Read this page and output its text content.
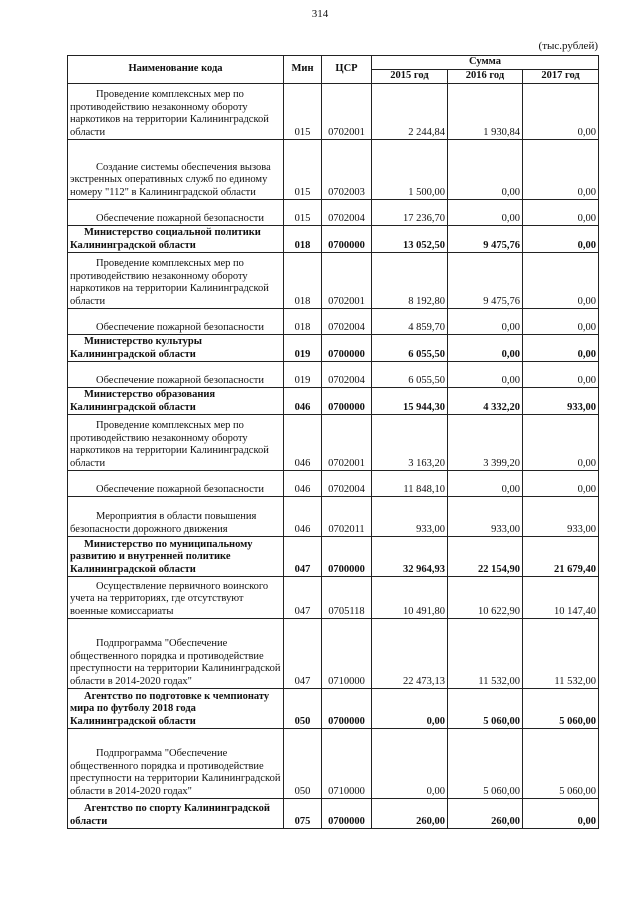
314
(тыс.рублей)
Наименование кода	Мин	ЦСР	Сумма		
			2015 год	2016 год	2017 год
Проведение комплексных мер по противодействию незаконному обороту наркотиков на территории Калининградской области	015	0702001	2 244,84	1 930,84	0,00
Создание системы обеспечения вызова экстренных оперативных служб по единому номеру "112" в Калининградской области	015	0702003	1 500,00	0,00	0,00
Обеспечение пожарной безопасности	015	0702004	17 236,70	0,00	0,00
Министерство социальной политики Калининградской области	018	0700000	13 052,50	9 475,76	0,00
Проведение комплексных мер по противодействию незаконному обороту наркотиков на территории Калининградской области	018	0702001	8 192,80	9 475,76	0,00
Обеспечение пожарной безопасности	018	0702004	4 859,70	0,00	0,00
Министерство культуры Калининградской области	019	0700000	6 055,50	0,00	0,00
Обеспечение пожарной безопасности	019	0702004	6 055,50	0,00	0,00
Министерство образования Калининградской области	046	0700000	15 944,30	4 332,20	933,00
Проведение комплексных мер по противодействию незаконному обороту наркотиков на территории Калининградской области	046	0702001	3 163,20	3 399,20	0,00
Обеспечение пожарной безопасности	046	0702004	11 848,10	0,00	0,00
Мероприятия в области повышения безопасности дорожного движения	046	0702011	933,00	933,00	933,00
Министерство по муниципальному развитию и внутренней политике Калининградской области	047	0700000	32 964,93	22 154,90	21 679,40
Осуществление первичного воинского учета на территориях, где отсутствуют военные комиссариаты	047	0705118	10 491,80	10 622,90	10 147,40
Подпрограмма "Обеспечение общественного порядка и противодействие преступности на территории Калининградской области в 2014-2020 годах"	047	0710000	22 473,13	11 532,00	11 532,00
Агентство по подготовке к чемпионату мира по футболу 2018 года Калининградской области	050	0700000	0,00	5 060,00	5 060,00
Подпрограмма "Обеспечение общественного порядка и противодействие преступности на территории Калининградской области в 2014-2020 годах"	050	0710000	0,00	5 060,00	5 060,00
Агентство по спорту Калининградской области	075	0700000	260,00	260,00	0,00
